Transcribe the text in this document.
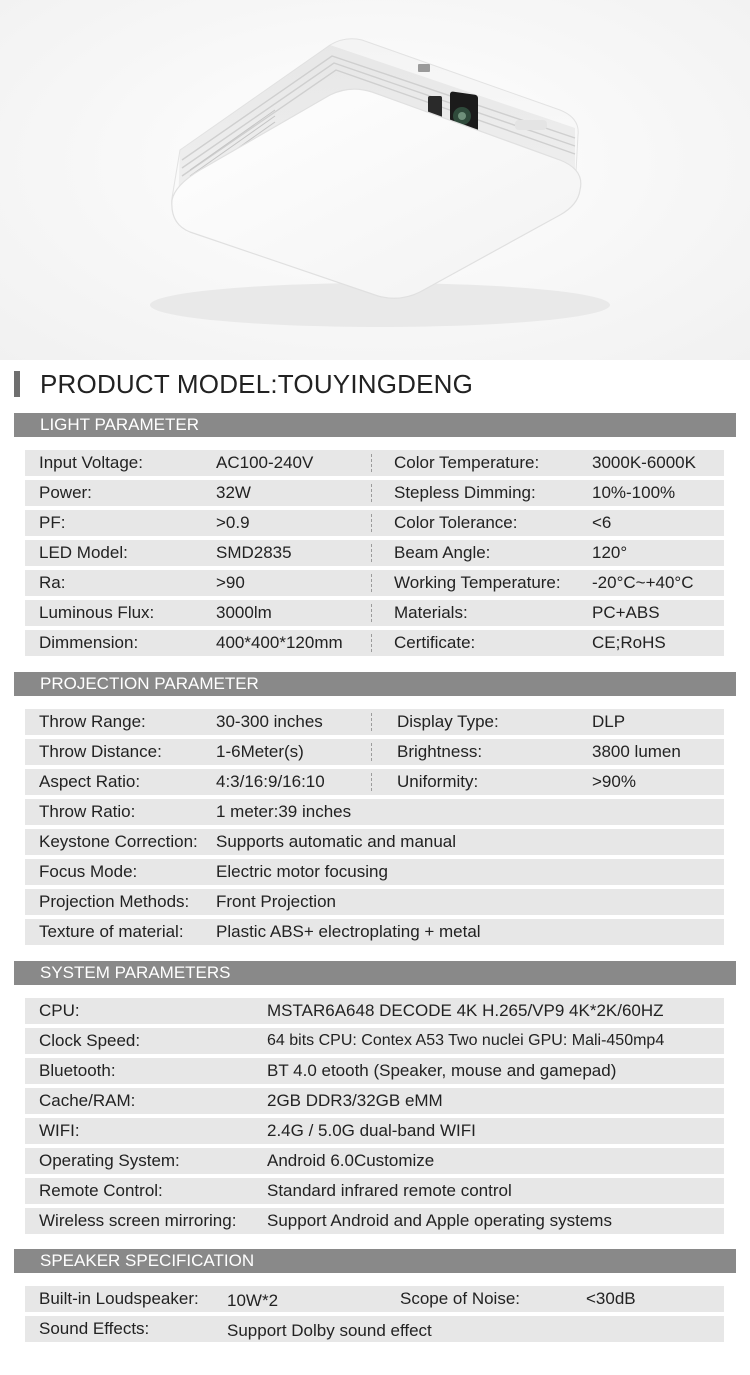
PRODUCT MODEL:TOUYINGDENG
LIGHT PARAMETER
Input Voltage:	AC100-240V	Color Temperature:	3000K-6000K
Power:	32W	Stepless Dimming:	10%-100%
PF:	>0.9	Color Tolerance:	<6
LED Model:	SMD2835	Beam Angle:	120°
Ra:	>90	Working Temperature: -20°C~+40°C
Luminous Flux:	3000lm	Materials:	PC+ABS
Dimmension:	400*400*120mm	Certificate:	CE;RoHS
PROJECTION PARAMETER
Throw Range:	30-300 inches	Display Type:	DLP
Throw Distance:	1-6Meter(s)	Brightness:	3800 lumen
Aspect Ratio:	4:3/16:9/16:10	Uniformity:	>90%
Throw Ratio:	1 meter:39 inches
Keystone Correction: Supports automatic and manual
Focus Mode:	Electric motor focusing
Projection Methods: Front Projection
Texture of material: Plastic ABS+ electroplating + metal
SYSTEM PARAMETERS
CPU:	MSTAR6A648 DECODE 4K H.265/VP9 4K*2K/60HZ
Clock Speed:	64 bits CPU: Contex A53 Two nuclei GPU: Mali-450mp4
Bluetooth:	BT 4.0 etooth (Speaker, mouse and gamepad)
Cache/RAM:	2GB DDR3/32GB eMM
WIFI:	2.4G / 5.0G dual-band WIFI
Operating System:	Android 6.0Customize
Remote Control:	Standard infrared remote control
Wireless screen mirroring: Support Android and Apple operating systems
SPEAKER SPECIFICATION
Built-in Loudspeaker: 10W*2	Scope of Noise:	<30dB
Sound Effects:	Support Dolby sound effect
